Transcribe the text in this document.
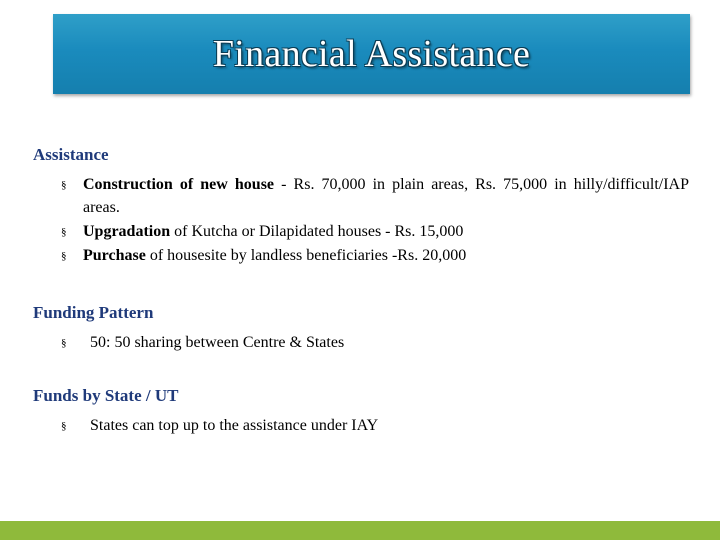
Financial Assistance
Assistance
§ Construction of new house - Rs. 70,000 in plain areas, Rs. 75,000 in hilly/difficult/IAP areas.
§ Upgradation of Kutcha or Dilapidated houses - Rs. 15,000
§ Purchase of housesite by landless beneficiaries -Rs. 20,000
Funding Pattern
§ 50: 50 sharing between Centre & States
Funds by State / UT
§ States can top up to the assistance under IAY
